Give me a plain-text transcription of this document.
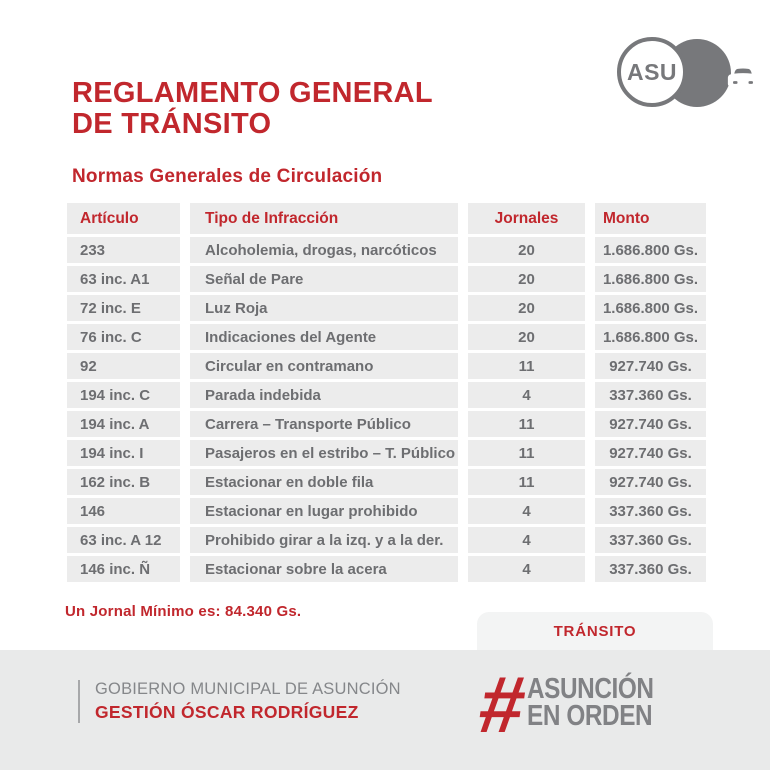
ASU
REGLAMENTO GENERAL
DE TRÁNSITO
Normas Generales de Circulación
Artículo	Tipo de Infracción	Jornales	Monto
233	Alcoholemia, drogas, narcóticos	20	1.686.800 Gs.
63 inc. A1	Señal de Pare	20	1.686.800 Gs.
72 inc. E	Luz Roja	20	1.686.800 Gs.
76 inc. C	Indicaciones del Agente	20	1.686.800 Gs.
92	Circular en contramano	11	927.740 Gs.
194 inc. C	Parada indebida	4	337.360 Gs.
194 inc. A	Carrera – Transporte Público	11	927.740 Gs.
194 inc. I	Pasajeros en el estribo – T. Público	11	927.740 Gs.
162 inc. B	Estacionar en doble fila	11	927.740 Gs.
146	Estacionar en lugar prohibido	4	337.360 Gs.
63 inc. A 12	Prohibido girar a la izq. y a la der.	4	337.360 Gs.
146 inc. Ñ	Estacionar sobre la acera	4	337.360 Gs.
Un Jornal Mínimo es: 84.340 Gs.
TRÁNSITO
GOBIERNO MUNICIPAL DE ASUNCIÓN
GESTIÓN ÓSCAR RODRÍGUEZ	#
ASUNCIÓN
EN ORDEN
